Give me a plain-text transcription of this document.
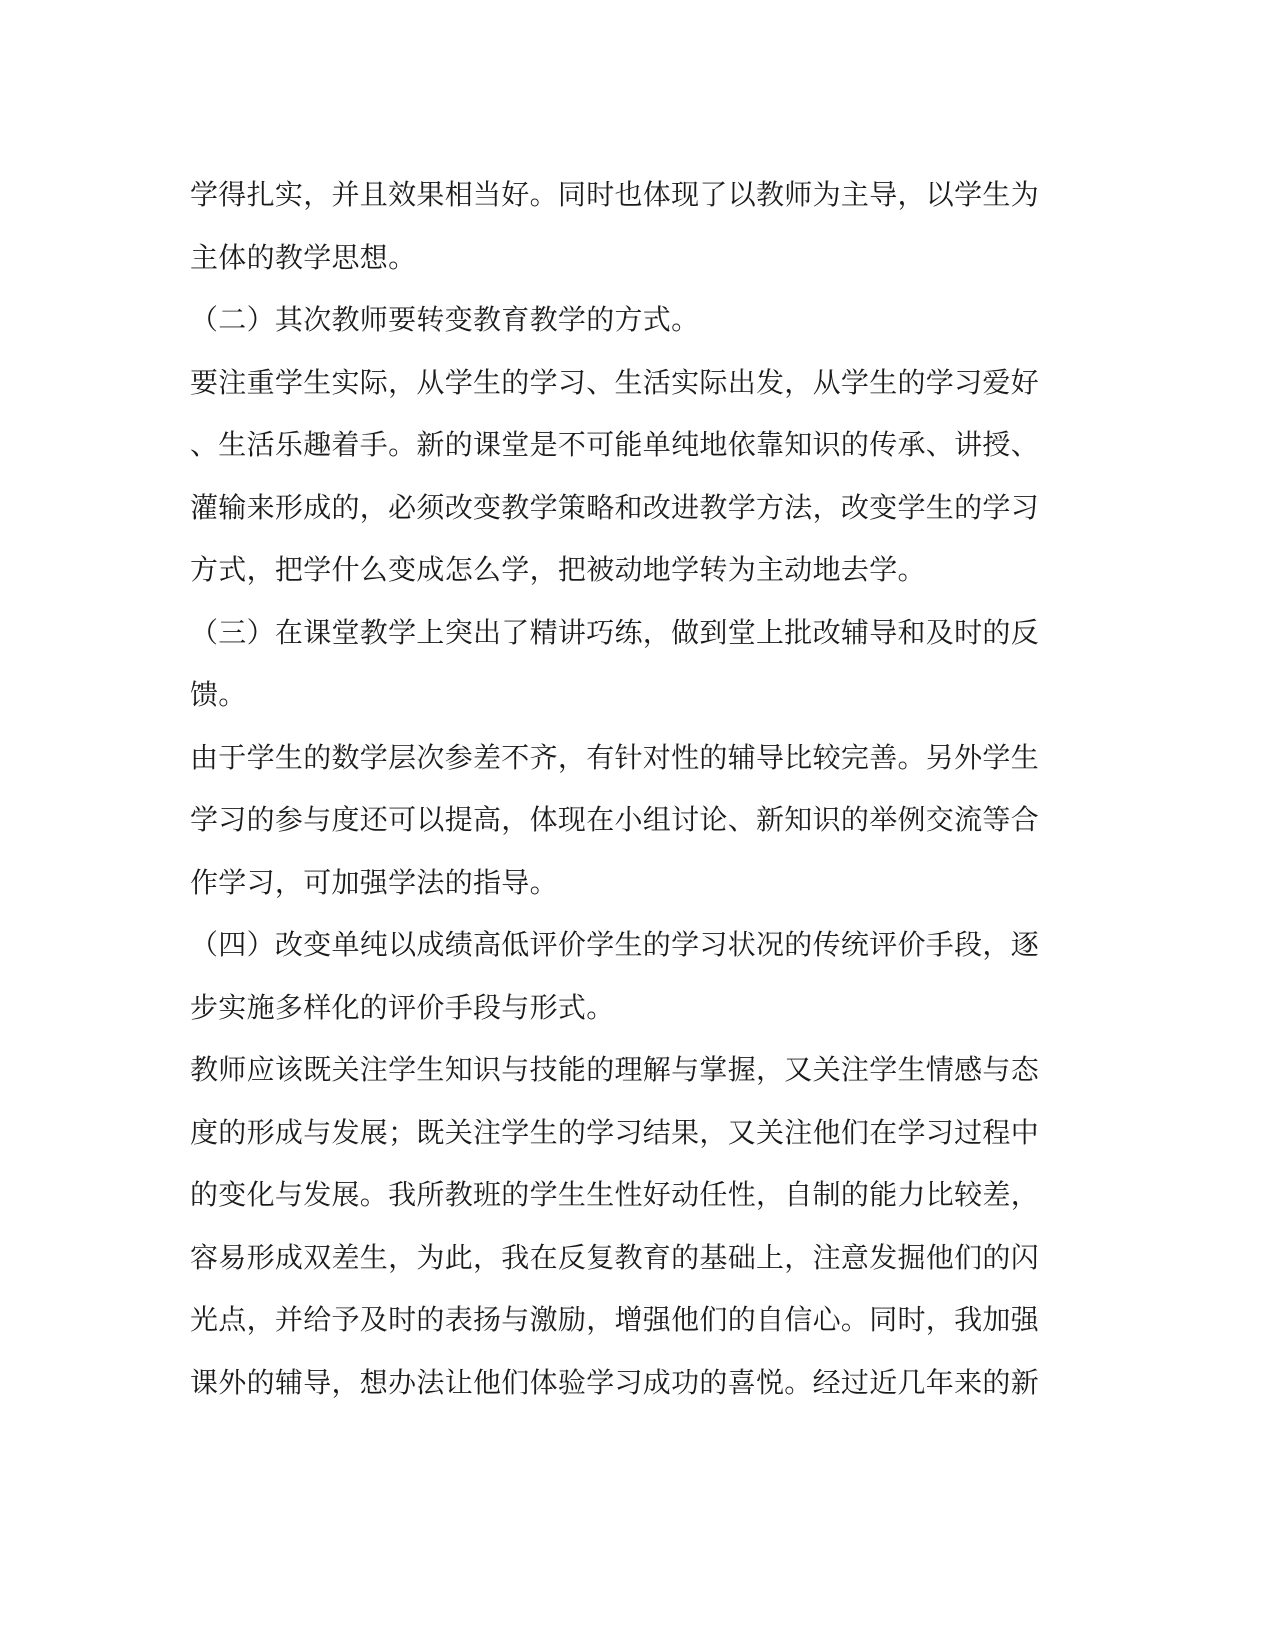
学得扎实，并且效果相当好。同时也体现了以教师为主导，以学生为
主体的教学思想。
（二）其次教师要转变教育教学的方式。
要注重学生实际，从学生的学习、生活实际出发，从学生的学习爱好
、生活乐趣着手。新的课堂是不可能单纯地依靠知识的传承、讲授、
灌输来形成的，必须改变教学策略和改进教学方法，改变学生的学习
方式，把学什么变成怎么学，把被动地学转为主动地去学。
（三）在课堂教学上突出了精讲巧练，做到堂上批改辅导和及时的反
馈。
由于学生的数学层次参差不齐，有针对性的辅导比较完善。另外学生
学习的参与度还可以提高，体现在小组讨论、新知识的举例交流等合
作学习，可加强学法的指导。
（四）改变单纯以成绩高低评价学生的学习状况的传统评价手段，逐
步实施多样化的评价手段与形式。
教师应该既关注学生知识与技能的理解与掌握，又关注学生情感与态
度的形成与发展；既关注学生的学习结果，又关注他们在学习过程中
的变化与发展。我所教班的学生生性好动任性，自制的能力比较差，
容易形成双差生，为此，我在反复教育的基础上，注意发掘他们的闪
光点，并给予及时的表扬与激励，增强他们的自信心。同时，我加强
课外的辅导，想办法让他们体验学习成功的喜悦。经过近几年来的新
